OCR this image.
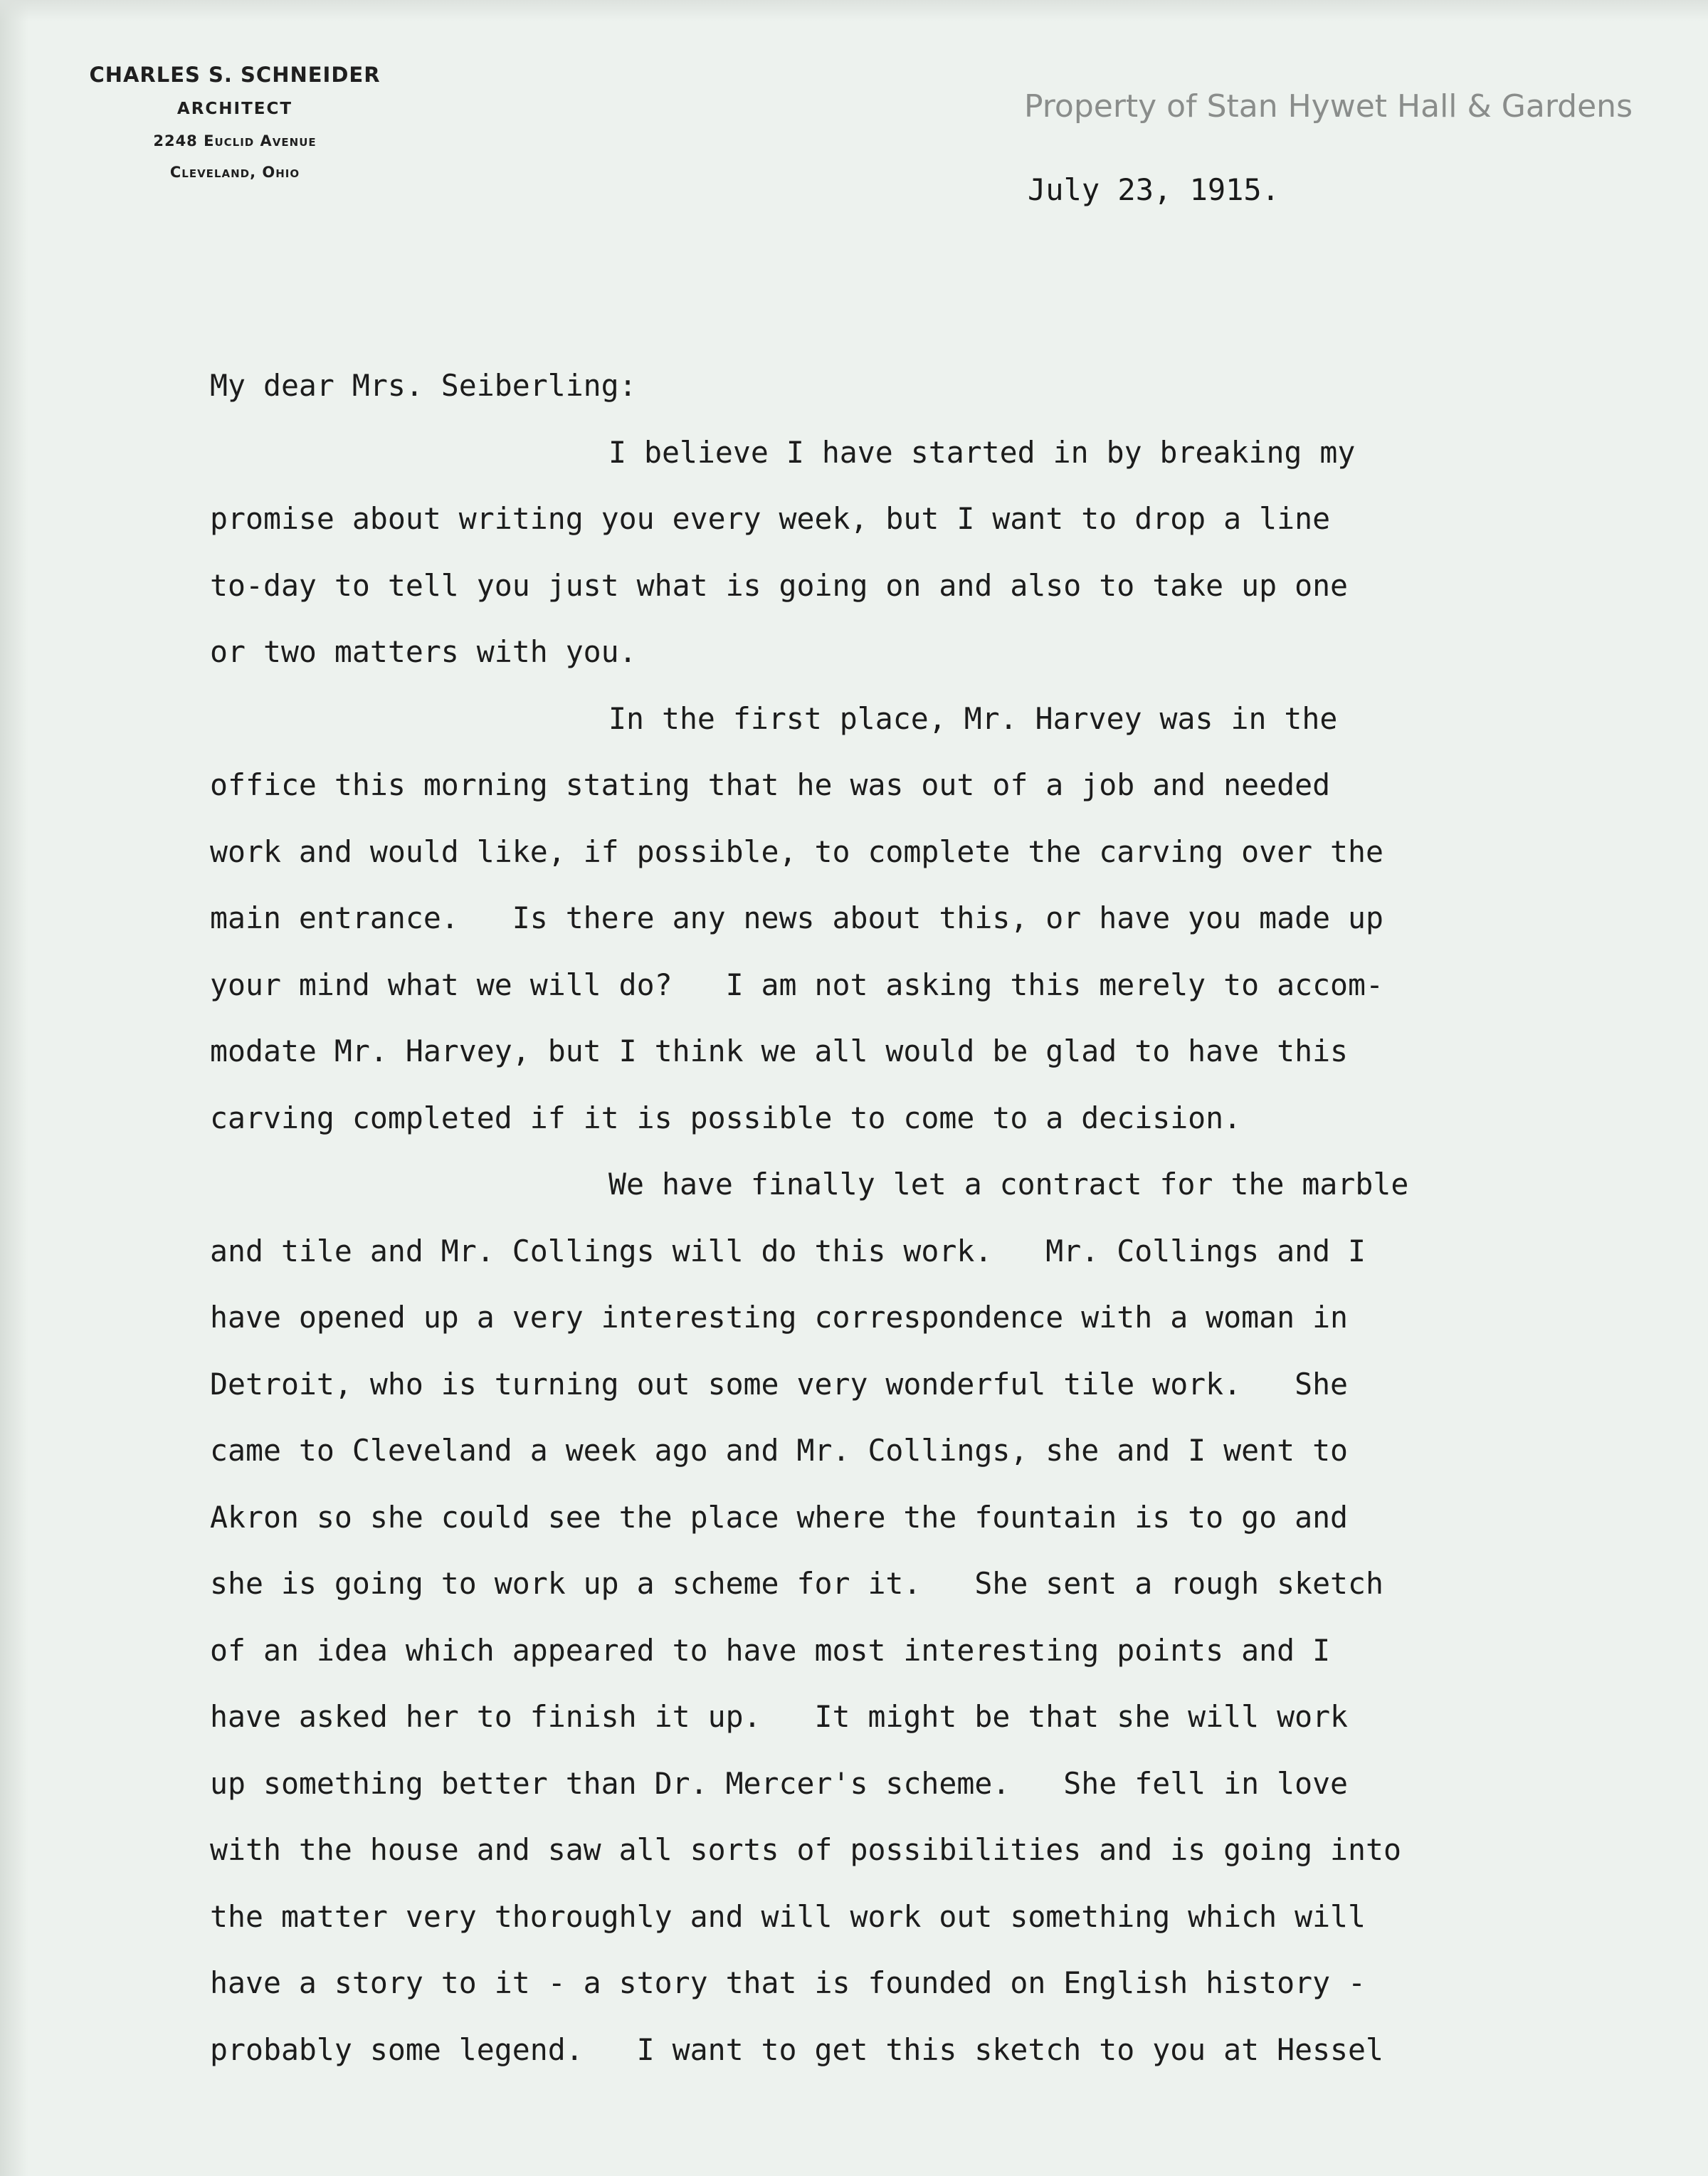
CHARLES S. SCHNEIDER
ARCHITECT
2248 Euclid Avenue
Cleveland, Ohio
Property of Stan Hywet Hall & Gardens
July 23, 1915.
My dear Mrs. Seiberling:
I believe I have started in by breaking my
promise about writing you every week, but I want to drop a line
to-day to tell you just what is going on and also to take up one
or two matters with you.
In the first place, Mr. Harvey was in the
office this morning stating that he was out of a job and needed
work and would like, if possible, to complete the carving over the
main entrance.   Is there any news about this, or have you made up
your mind what we will do?   I am not asking this merely to accom-
modate Mr. Harvey, but I think we all would be glad to have this
carving completed if it is possible to come to a decision.
We have finally let a contract for the marble
and tile and Mr. Collings will do this work.   Mr. Collings and I
have opened up a very interesting correspondence with a woman in
Detroit, who is turning out some very wonderful tile work.   She
came to Cleveland a week ago and Mr. Collings, she and I went to
Akron so she could see the place where the fountain is to go and
she is going to work up a scheme for it.   She sent a rough sketch
of an idea which appeared to have most interesting points and I
have asked her to finish it up.   It might be that she will work
up something better than Dr. Mercer's scheme.   She fell in love
with the house and saw all sorts of possibilities and is going into
the matter very thoroughly and will work out something which will
have a story to it - a story that is founded on English history -
probably some legend.   I want to get this sketch to you at Hessel
